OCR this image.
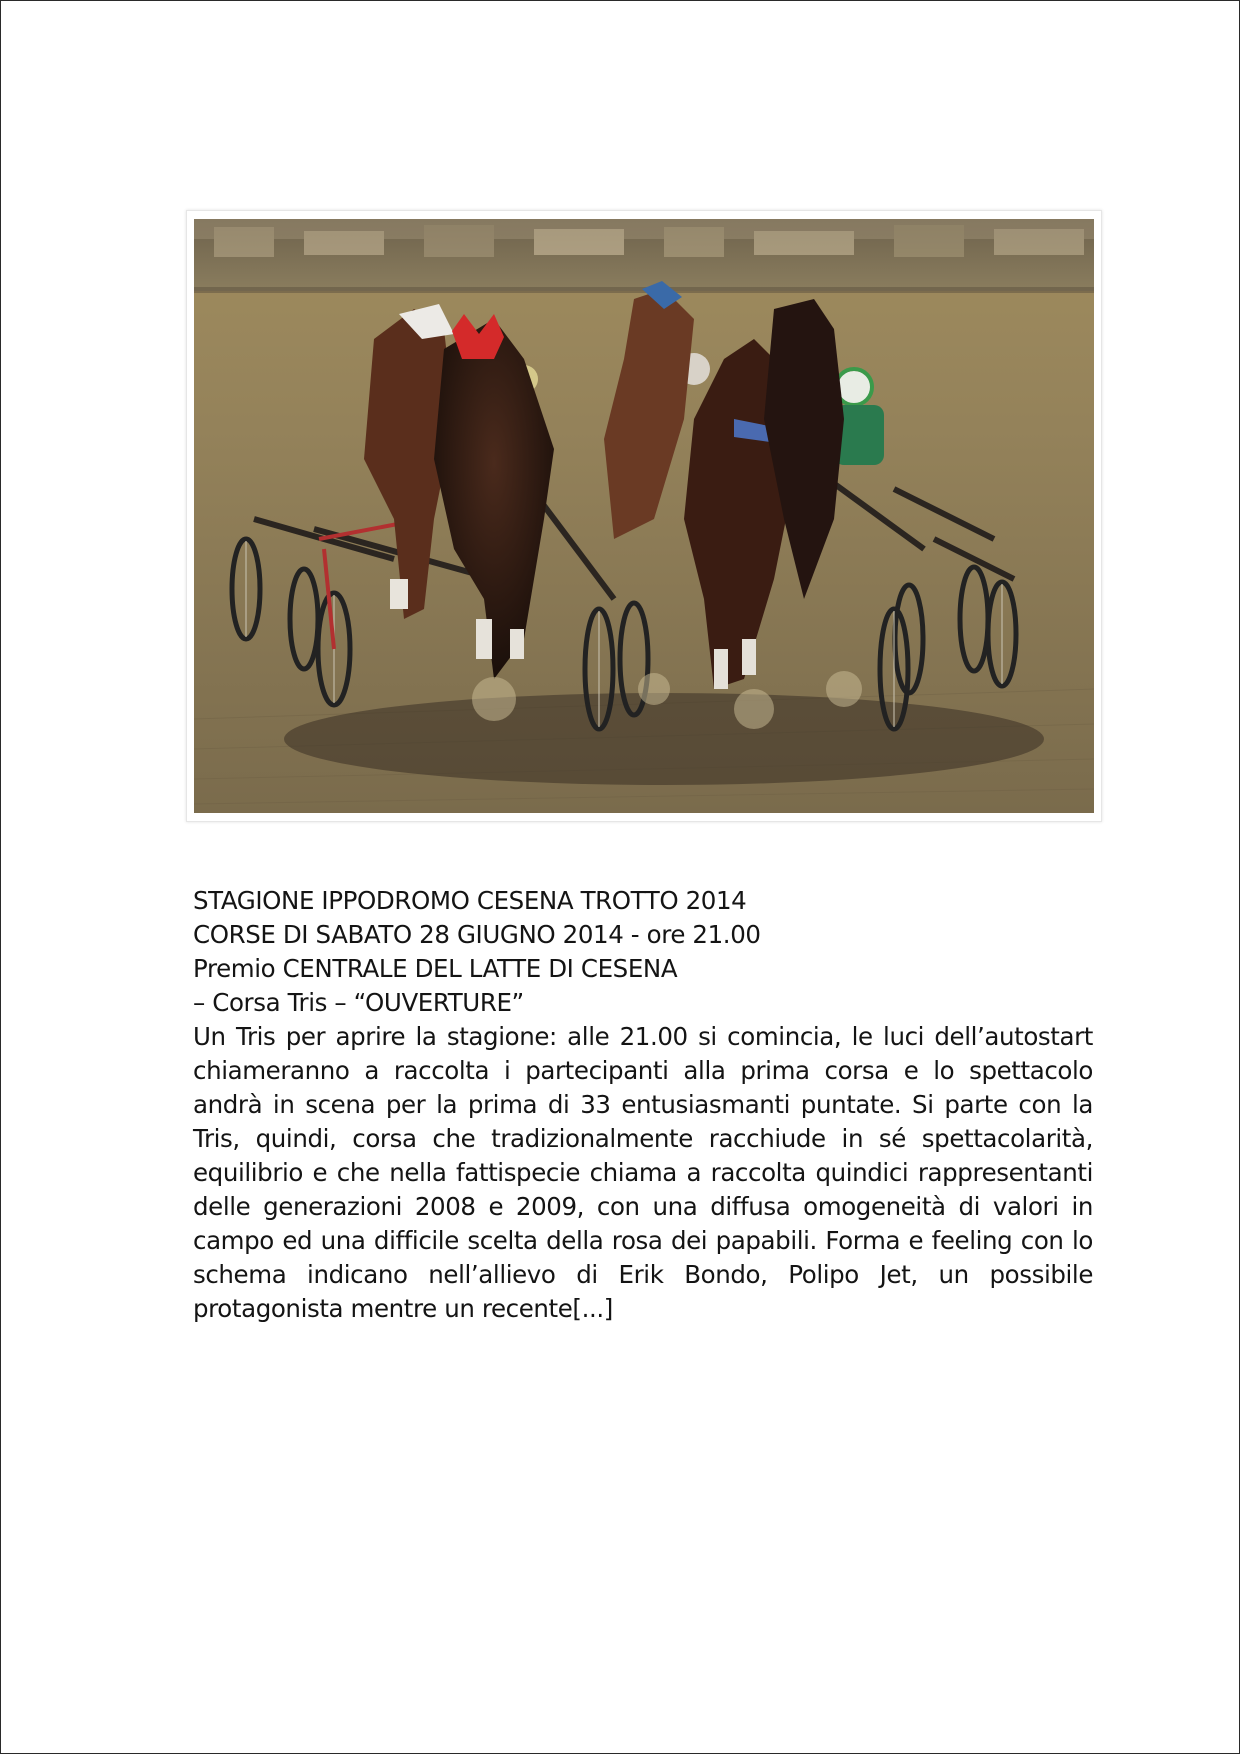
STAGIONE IPPODROMO CESENA TROTTO 2014
CORSE DI SABATO 28 GIUGNO 2014 - ore 21.00
Premio CENTRALE DEL LATTE DI CESENA
– Corsa Tris – “OUVERTURE”

Un Tris per aprire la stagione: alle 21.00 si comincia, le luci dell’autostart chiameranno a raccolta i partecipanti alla prima corsa e lo spettacolo andrà in scena per la prima di 33 entusiasmanti puntate. Si parte con la Tris, quindi, corsa che tradizionalmente racchiude in sé spettacolarità, equilibrio e che nella fattispecie chiama a raccolta quindici rappresentanti delle generazioni 2008 e 2009, con una diffusa omogeneità di valori in campo ed una difficile scelta della rosa dei papabili. Forma e feeling con lo schema indicano nell’allievo di Erik Bondo, Polipo Jet, un possibile protagonista mentre un recente[...]
